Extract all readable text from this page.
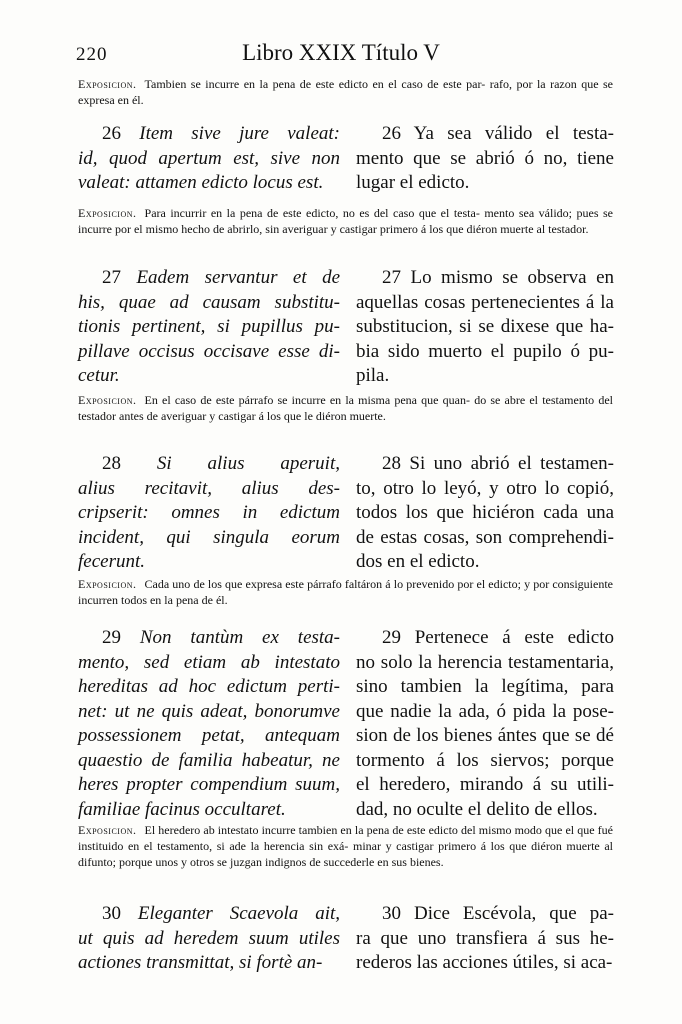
220	Libro XXIX Título V
Exposicion. Tambien se incurre en la pena de este edicto en el caso de este par- rafo, por la razon que se expresa en él.
26 Item sive jure valeat:
id, quod apertum est, sive non
valeat: attamen edicto locus est.
26 Ya sea válido el testa-
mento que se abrió ó no, tiene
lugar el edicto.
Exposicion. Para incurrir en la pena de este edicto, no es del caso que el testa- mento sea válido; pues se incurre por el mismo hecho de abrirlo, sin averiguar y castigar primero á los que diéron muerte al testador.
27 Eadem servantur et de
his, quae ad causam substitu-
tionis pertinent, si pupillus pu-
pillave occisus occisave esse di-
cetur.
27 Lo mismo se observa en
aquellas cosas pertenecientes á la
substitucion, si se dixese que ha-
bia sido muerto el pupilo ó pu-
pila.
Exposicion. En el caso de este párrafo se incurre en la misma pena que quan- do se abre el testamento del testador antes de averiguar y castigar á los que le diéron muerte.
28 Si alius aperuit,
alius recitavit, alius des-
cripserit: omnes in edictum
incident, qui singula eorum
fecerunt.
28 Si uno abrió el testamen-
to, otro lo leyó, y otro lo copió,
todos los que hiciéron cada una
de estas cosas, son comprehendi-
dos en el edicto.
Exposicion. Cada uno de los que expresa este párrafo faltáron á lo prevenido por el edicto; y por consiguiente incurren todos en la pena de él.
29 Non tantùm ex testa-
mento, sed etiam ab intestato
hereditas ad hoc edictum perti-
net: ut ne quis adeat, bonorumve
possessionem petat, antequam
quaestio de familia habeatur, ne
heres propter compendium suum,
familiae facinus occultaret.
29 Pertenece á este edicto
no solo la herencia testamentaria,
sino tambien la legítima, para
que nadie la ada, ó pida la pose-
sion de los bienes ántes que se dé
tormento á los siervos; porque
el heredero, mirando á su utili-
dad, no oculte el delito de ellos.
Exposicion. El heredero ab intestato incurre tambien en la pena de este edicto del mismo modo que el que fué instituido en el testamento, si ade la herencia sin exá- minar y castigar primero á los que diéron muerte al difunto; porque unos y otros se juzgan indignos de succederle en sus bienes.
30 Eleganter Scaevola ait,
ut quis ad heredem suum utiles
actiones transmittat, si fortè an-
30 Dice Escévola, que pa-
ra que uno transfiera á sus he-
rederos las acciones útiles, si aca-
